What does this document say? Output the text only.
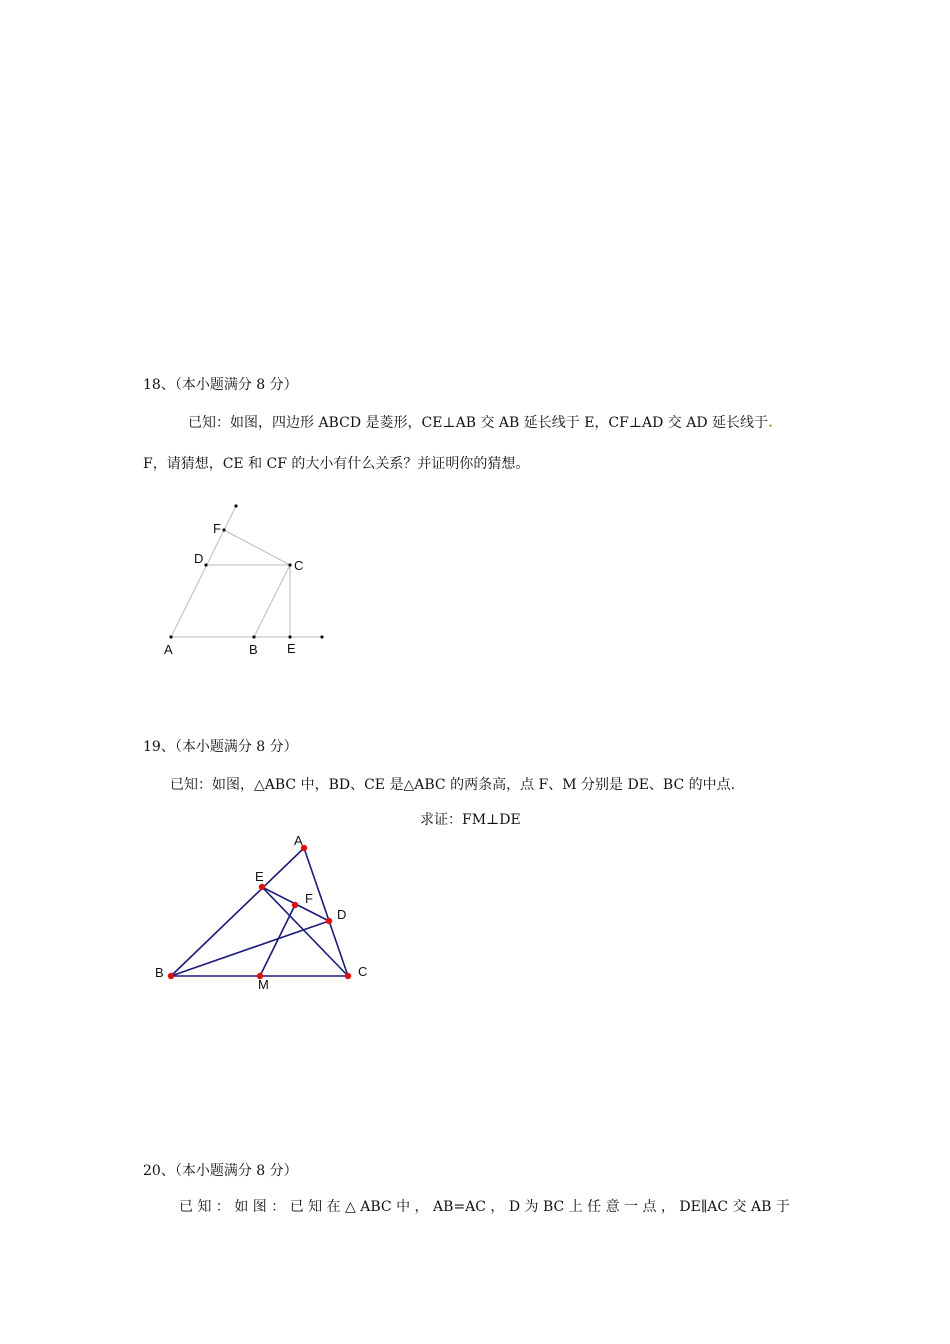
18、（本小题满分 8 分）
已知：如图，四边形 ABCD 是菱形，CE⊥AB 交 AB 延长线于 E，CF⊥AD 交 AD 延长线于.
F，请猜想，CE 和 CF 的大小有什么关系？并证明你的猜想。
A	B E
C
D
F
19、（本小题满分 8 分）
已知：如图，△ABC 中，BD、CE 是△ABC 的两条高，点 F、M 分别是 DE、BC 的中点.
求证：FM⊥DE
A
E
F
D
B
M
C
20、（本小题满分 8 分）
已 知 ： 如 图 ： 已 知 在 △ ABC 中 ， AB=AC ， D 为 BC 上 任 意 一 点 ， DE∥AC 交 AB 于
